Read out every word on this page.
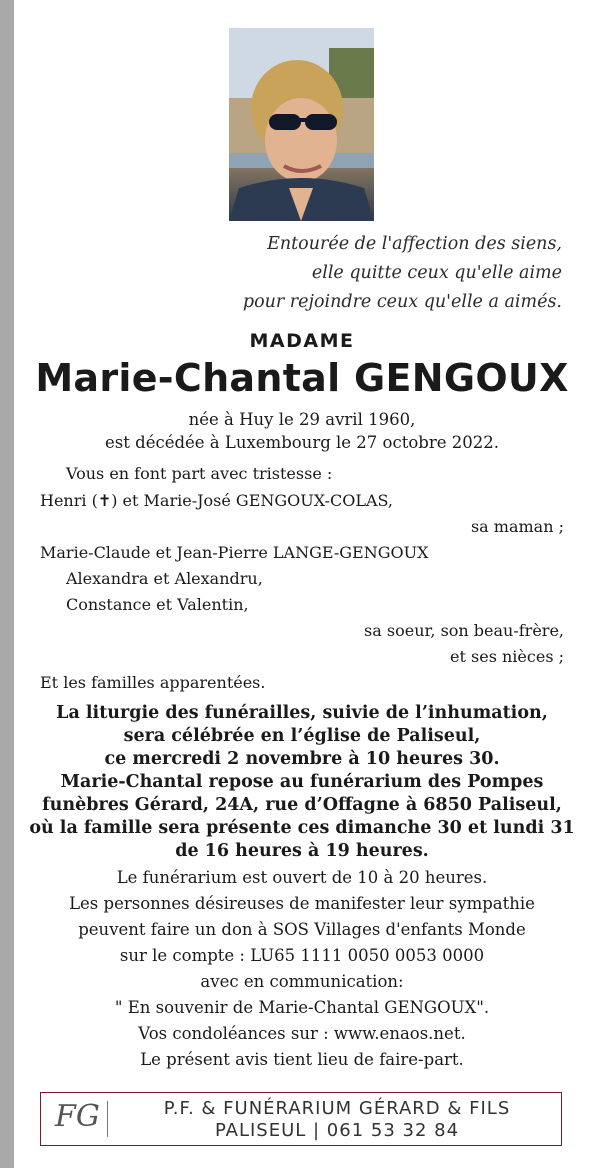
Entourée de l'affection des siens,
elle quitte ceux qu'elle aime
pour rejoindre ceux qu'elle a aimés.
MADAME
Marie-Chantal GENGOUX
née à Huy le 29 avril 1960,
est décédée à Luxembourg le 27 octobre 2022.
Vous en font part avec tristesse :
Henri (✝) et Marie-José GENGOUX-COLAS,
sa maman ;
Marie-Claude et Jean-Pierre LANGE-GENGOUX
Alexandra et Alexandru,
Constance et Valentin,
sa soeur, son beau-frère,
et ses nièces ;
Et les familles apparentées.
La liturgie des funérailles, suivie de l’inhumation,
sera célébrée en l’église de Paliseul,
ce mercredi 2 novembre à 10 heures 30.
Marie-Chantal repose au funérarium des Pompes
funèbres Gérard, 24A, rue d’Offagne à 6850 Paliseul,
où la famille sera présente ces dimanche 30 et lundi 31
de 16 heures à 19 heures.
Le funérarium est ouvert de 10 à 20 heures.
Les personnes désireuses de manifester leur sympathie
peuvent faire un don à SOS Villages d'enfants Monde
sur le compte : LU65 1111 0050 0053 0000
avec en communication:
" En souvenir de Marie-Chantal GENGOUX".
Vos condoléances sur : www.enaos.net.
Le présent avis tient lieu de faire-part.
FG	P.F. & FUNÉRARIUM GÉRARD & FILS
PALISEUL | 061 53 32 84
